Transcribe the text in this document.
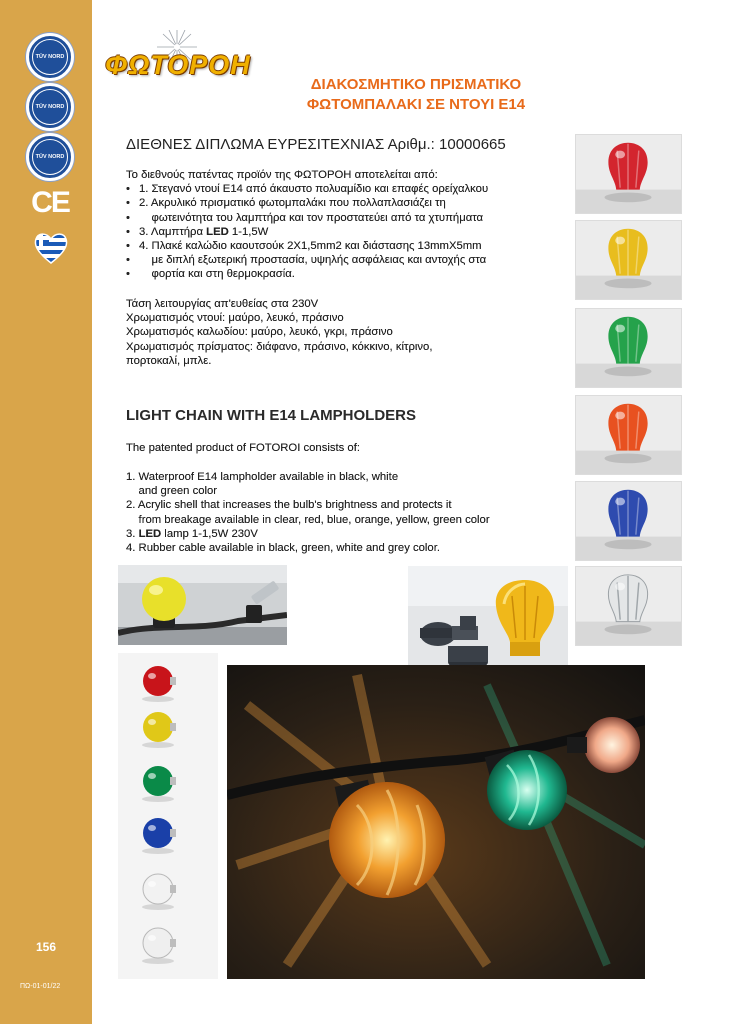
TÜV NORD
TÜV NORD
TÜV NORD
CE
156
ΠΩ-01-01/22
ΦΩΤΟΡΟΗ
ΔΙΑΚΟΣΜΗΤΙΚΟ ΠΡΙΣΜΑΤΙΚΟ
ΦΩΤΟΜΠΑΛΑΚΙ ΣΕ ΝΤΟΥΙ Ε14
ΔΙΕΘΝΕΣ ΔΙΠΛΩΜΑ ΕΥΡΕΣΙΤΕΧΝΙΑΣ Αριθμ.: 10000665

Το διεθνούς πατέντας προϊόν της ΦΩΤΟΡΟΗ αποτελείται από:

• 1. Στεγανό ντουί Ε14 από άκαυστο πολυαμίδιο και επαφές ορείχαλκου
• 2. Ακρυλικό πρισματικό φωτομπαλάκι που πολλαπλασιάζει τη
• φωτεινότητα του λαμπτήρα και τον προστατεύει από τα χτυπήματα
• 3. Λαμπτήρα LED 1-1,5W
• 4. Πλακέ καλώδιο καουτσούκ 2Χ1,5mm2 και διάστασης 13mmX5mm
• με διπλή εξωτερική προστασία, υψηλής ασφάλειας και αντοχής στα
• φορτία και στη θερμοκρασία.

Τάση λειτουργίας απ'ευθείας στα 230V

Χρωματισμός ντουί: μαύρο, λευκό, πράσινο

Χρωματισμός καλωδίου: μαύρο, λευκό, γκρι, πράσινο

Χρωματισμός πρίσματος: διάφανο, πράσινο, κόκκινο, κίτρινο,

πορτοκαλί, μπλε.

LIGHT CHAIN WITH E14 LAMPHOLDERS
The patented product of FOTOROI consists of:

1. Waterproof E14 lampholder available in black, white

and green color

2. Acrylic shell that increases the bulb's brightness and protects it

from breakage available in clear, red, blue, orange, yellow, green color

3. LED lamp 1-1,5W 230V

4. Rubber cable available in black, green, white and grey color.
